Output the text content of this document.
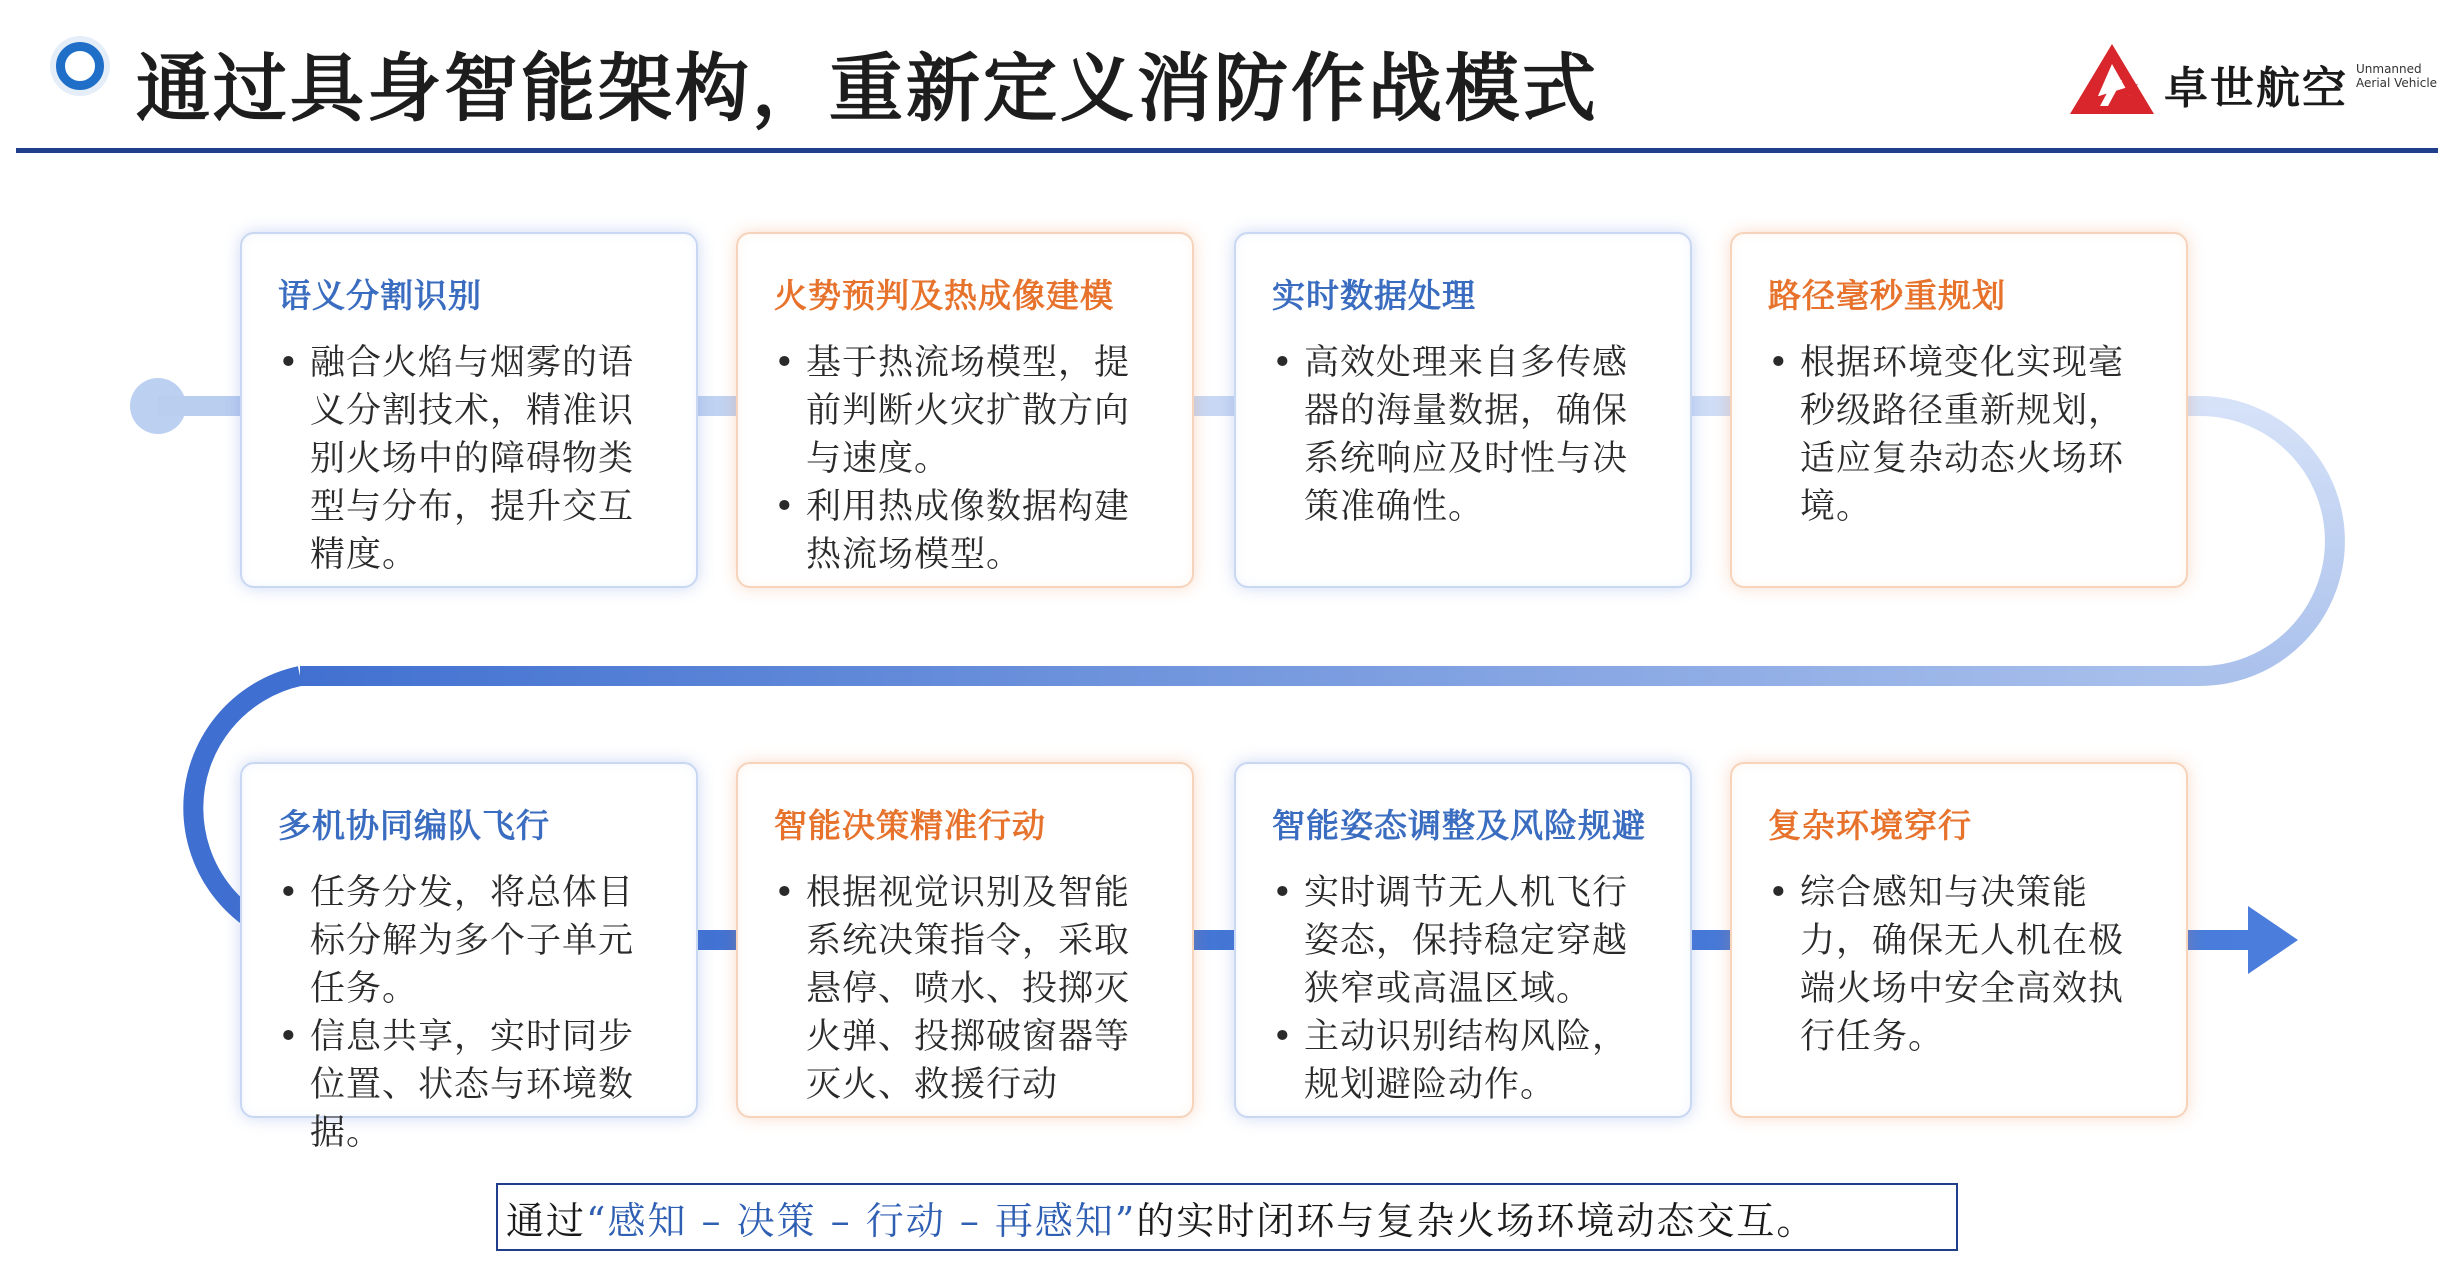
通过具身智能架构，重新定义消防作战模式	卓世航空 Unmanned
Aerial Vehicle
语义分割识别
• 融合火焰与烟雾的语义分割技术，精准识别火场中的障碍物类型与分布，提升交互精度。
火势预判及热成像建模
• 基于热流场模型，提前判断火灾扩散方向与速度。
• 利用热成像数据构建热流场模型。
实时数据处理
• 高效处理来自多传感器的海量数据，确保系统响应及时性与决策准确性。
路径毫秒重规划
• 根据环境变化实现毫秒级路径重新规划，适应复杂动态火场环境。
多机协同编队飞行
• 任务分发，将总体目标分解为多个子单元任务。
• 信息共享，实时同步位置、状态与环境数据。
智能决策精准行动
• 根据视觉识别及智能系统决策指令，采取悬停、喷水、投掷灭火弹、投掷破窗器等灭火、救援行动
智能姿态调整及风险规避
• 实时调节无人机飞行姿态，保持稳定穿越狭窄或高温区域。
• 主动识别结构风险，规划避险动作。
复杂环境穿行
• 综合感知与决策能力，确保无人机在极端火场中安全高效执行任务。
通过 “感知 – 决策 – 行动 – 再感知” 的实时闭环与复杂火场环境动态交互。
